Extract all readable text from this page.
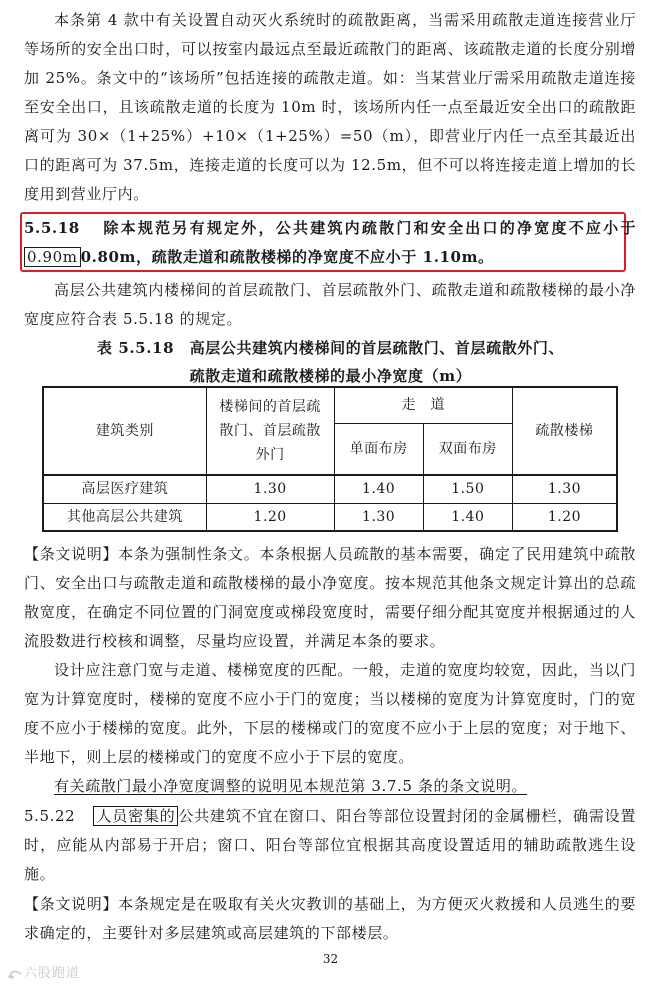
本条第 4 款中有关设置自动灭火系统时的疏散距离，当需采用疏散走道连接营业厅等场所的安全出口时，可以按室内最远点至最近疏散门的距离、该疏散走道的长度分别增加 25%。条文中的“该场所”包括连接的疏散走道。如：当某营业厅需采用疏散走道连接至安全出口，且该疏散走道的长度为 10m 时，该场所内任一点至最近安全出口的疏散距离可为 30×（1+25%）+10×（1+25%）=50（m），即营业厅内任一点至其最近出口的距离可为 37.5m，连接走道的长度可以为 12.5m，但不可以将连接走道上增加的长度用到营业厅内。

5.5.18 除本规范另有规定外，公共建筑内疏散门和安全出口的净宽度不应小于0.90m 0.80m，疏散走道和疏散楼梯的净宽度不应小于 1.10m。

高层公共建筑内楼梯间的首层疏散门、首层疏散外门、疏散走道和疏散楼梯的最小净宽度应符合表 5.5.18 的规定。

表 5.5.18　高层公共建筑内楼梯间的首层疏散门、首层疏散外门、
疏散走道和疏散楼梯的最小净宽度（m）
建筑类别	楼梯间的首层疏散门、首层疏散外门	走　道		疏散楼梯
		单面布房	双面布房	
高层医疗建筑	1.30	1.40	1.50	1.30
其他高层公共建筑	1.20	1.30	1.40	1.20

【条文说明】本条为强制性条文。本条根据人员疏散的基本需要，确定了民用建筑中疏散门、安全出口与疏散走道和疏散楼梯的最小净宽度。按本规范其他条文规定计算出的总疏散宽度，在确定不同位置的门洞宽度或梯段宽度时，需要仔细分配其宽度并根据通过的人流股数进行校核和调整，尽量均应设置，并满足本条的要求。

设计应注意门宽与走道、楼梯宽度的匹配。一般，走道的宽度均较宽，因此，当以门宽为计算宽度时，楼梯的宽度不应小于门的宽度；当以楼梯的宽度为计算宽度时，门的宽度不应小于楼梯的宽度。此外，下层的楼梯或门的宽度不应小于上层的宽度；对于地下、半地下，则上层的楼梯或门的宽度不应小于下层的宽度。

有关疏散门最小净宽度调整的说明见本规范第 3.7.5 条的条文说明。

5.5.22 人员密集的 公共建筑不宜在窗口、阳台等部位设置封闭的金属栅栏，确需设置时，应能从内部易于开启；窗口、阳台等部位宜根据其高度设置适用的辅助疏散逃生设施。

【条文说明】本条规定是在吸取有关火灾教训的基础上，为方便灭火救援和人员逃生的要求确定的，主要针对多层建筑或高层建筑的下部楼层。

32
六股跑道
